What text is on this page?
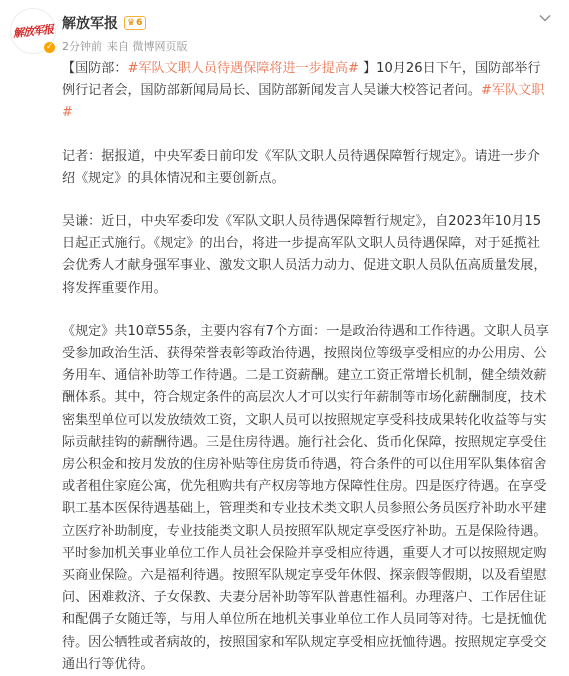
解放军报
✓
解放军报 ♛ 6
2分钟前 来自 微博网页版

【国防部：#军队文职人员待遇保障将进一步提高# 】10月26日下午，国防部举行例行记者会，国防部新闻局局长、国防部新闻发言人吴谦大校答记者问。#军队文职#

记者：据报道，中央军委日前印发《军队文职人员待遇保障暂行规定》。请进一步介绍《规定》的具体情况和主要创新点。

吴谦：近日，中央军委印发《军队文职人员待遇保障暂行规定》，自2023年10月15日起正式施行。《规定》的出台，将进一步提高军队文职人员待遇保障，对于延揽社会优秀人才献身强军事业、激发文职人员活力动力、促进文职人员队伍高质量发展，将发挥重要作用。

《规定》共10章55条，主要内容有7个方面：一是政治待遇和工作待遇。文职人员享受参加政治生活、获得荣誉表彰等政治待遇，按照岗位等级享受相应的办公用房、公务用车、通信补助等工作待遇。二是工资薪酬。建立工资正常增长机制，健全绩效薪酬体系。其中，符合规定条件的高层次人才可以实行年薪制等市场化薪酬制度，技术密集型单位可以发放绩效工资，文职人员可以按照规定享受科技成果转化收益等与实际贡献挂钩的薪酬待遇。三是住房待遇。施行社会化、货币化保障，按照规定享受住房公积金和按月发放的住房补贴等住房货币待遇，符合条件的可以住用军队集体宿舍或者租住家庭公寓，优先租购共有产权房等地方保障性住房。四是医疗待遇。在享受职工基本医保待遇基础上，管理类和专业技术类文职人员参照公务员医疗补助水平建立医疗补助制度，专业技能类文职人员按照军队规定享受医疗补助。五是保险待遇。平时参加机关事业单位工作人员社会保险并享受相应待遇，重要人才可以按照规定购买商业保险。六是福利待遇。按照军队规定享受年休假、探亲假等假期，以及看望慰问、困难救济、子女保教、夫妻分居补助等军队普惠性福利。办理落户、工作居住证和配偶子女随迁等，与用人单位所在地机关事业单位工作人员同等对待。七是抚恤优待。因公牺牲或者病故的，按照国家和军队规定享受相应抚恤待遇。按照规定享受交通出行等优待。
